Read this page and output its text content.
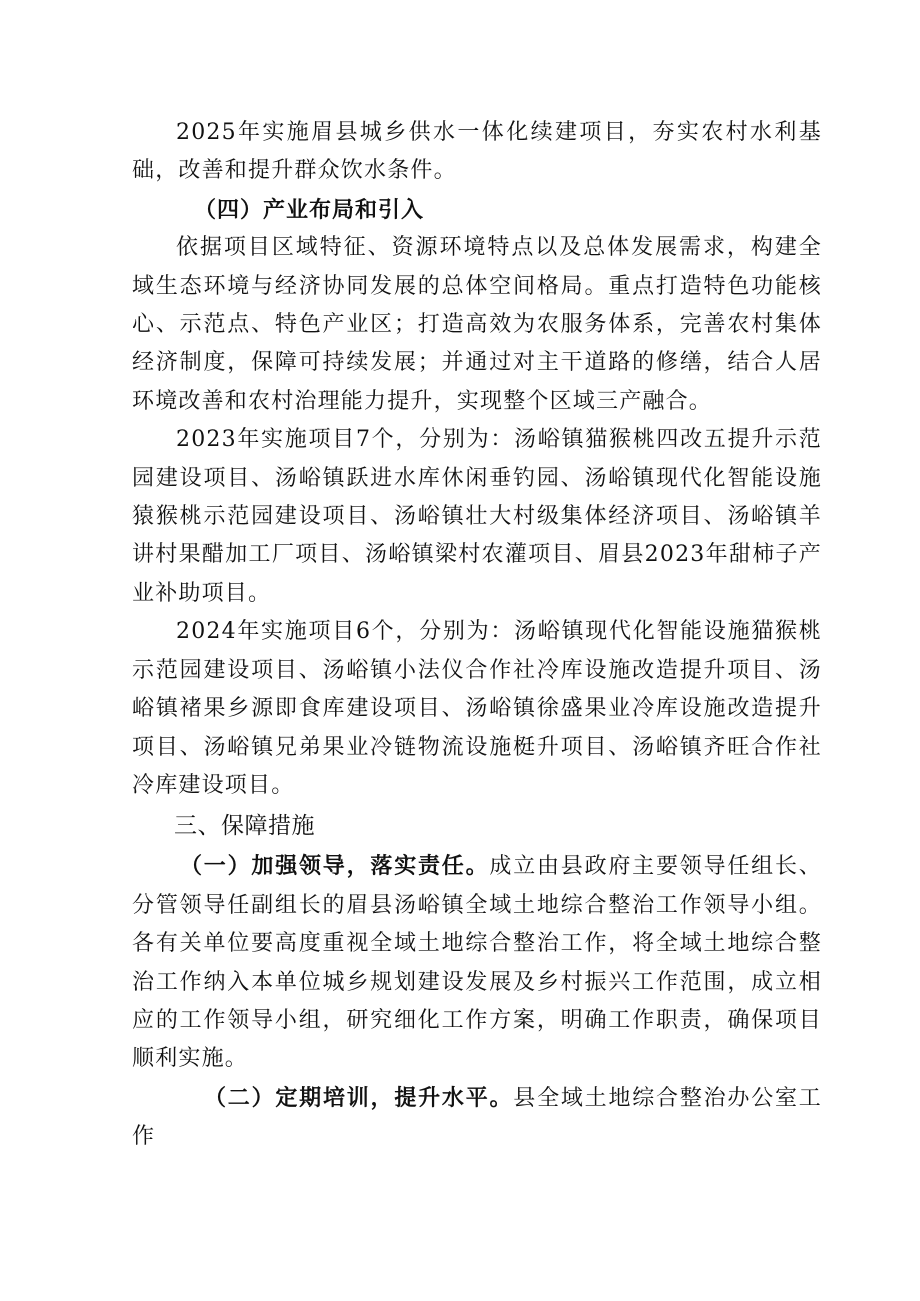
2025年实施眉县城乡供水一体化续建项目，夯实农村水利基础，改善和提升群众饮水条件。

（四）产业布局和引入

依据项目区域特征、资源环境特点以及总体发展需求，构建全域生态环境与经济协同发展的总体空间格局。重点打造特色功能核心、示范点、特色产业区；打造高效为农服务体系，完善农村集体经济制度，保障可持续发展；并通过对主干道路的修缮，结合人居环境改善和农村治理能力提升，实现整个区域三产融合。

2023年实施项目7个，分别为：汤峪镇猫猴桃四改五提升示范园建设项目、汤峪镇跃进水库休闲垂钓园、汤峪镇现代化智能设施猿猴桃示范园建设项目、汤峪镇壮大村级集体经济项目、汤峪镇羊讲村果醋加工厂项目、汤峪镇梁村农灌项目、眉县2023年甜柿子产业补助项目。

2024年实施项目6个，分别为：汤峪镇现代化智能设施猫猴桃示范园建设项目、汤峪镇小法仪合作社冷库设施改造提升项目、汤峪镇褚果乡源即食库建设项目、汤峪镇徐盛果业冷库设施改造提升项目、汤峪镇兄弟果业冷链物流设施梃升项目、汤峪镇齐旺合作社冷库建设项目。

三、保障措施

（一）加强领导，落实责任。成立由县政府主要领导任组长、分管领导任副组长的眉县汤峪镇全域土地综合整治工作领导小组。各有关单位要高度重视全域土地综合整治工作，将全域土地综合整治工作纳入本单位城乡规划建设发展及乡村振兴工作范围，成立相应的工作领导小组，研究细化工作方案，明确工作职责，确保项目顺利实施。

（二）定期培训，提升水平。县全域土地综合整治办公室工作
